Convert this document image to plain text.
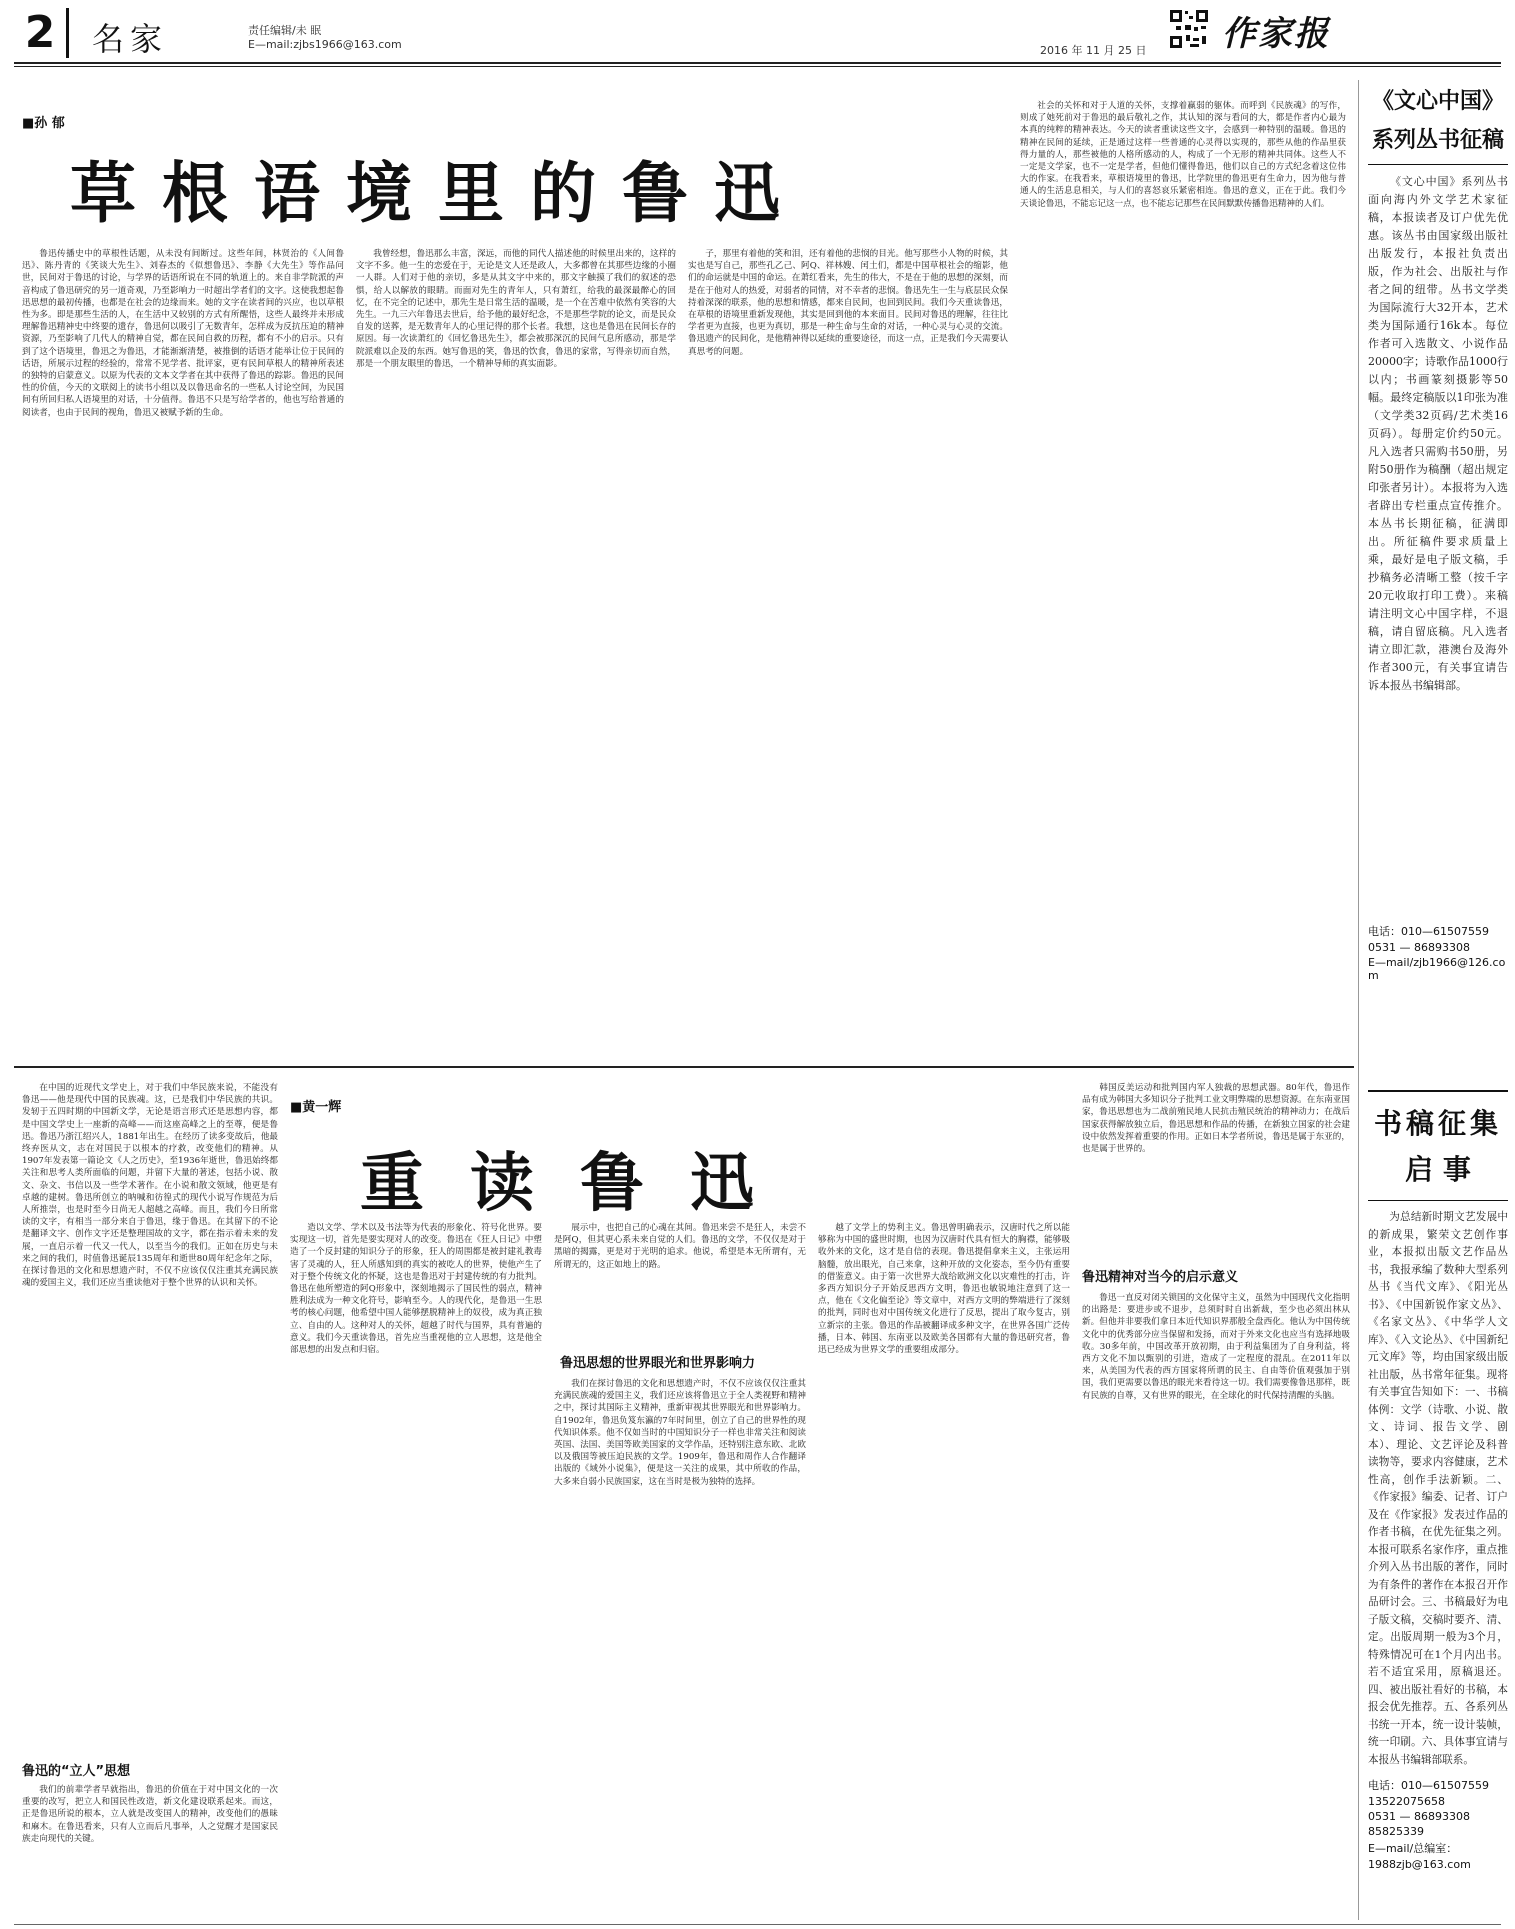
2	名家	责任编辑/未 眠
E—mail:zjbs1966@163.com	2016 年 11 月 25 日 作家报
■孙 郁
草根语境里的鲁迅

鲁迅传播史中的草根性话题，从未没有间断过。这些年间，林贤治的《人间鲁迅》、陈丹青的《笑谈大先生》、刘春杰的《似想鲁迅》、李静《大先生》等作品问世，民间对于鲁迅的讨论，与学界的话语所说在不同的轨道上的。来自非学院派的声音构成了鲁迅研究的另一道奇观，乃至影响力一时超出学者们的文字。这使我想起鲁迅思想的最初传播，也都是在社会的边缘而来。她的文字在读者间的兴应，也以草根性为多。即是那些生活的人，在生活中又较别的方式有所醒悟，这些人最终并未形成理解鲁迅精神史中终要的遗存，鲁迅何以吸引了无数青年，怎样成为反抗压迫的精神资源，乃至影响了几代人的精神自觉，都在民间自救的历程，都有不小的启示。只有到了这个语境里，鲁迅之为鲁迅，才能渐渐清楚，被推倒的话语才能举让位于民间的话语，所展示过程的经验的，常常不见学者、批评家，更有民间草根人的精神所表述的独特的启蒙意义。以原为代表的文本文学者在其中获得了鲁迅的踪影。鲁迅的民间性的价值，今天的文联阅上的读书小组以及以鲁迅命名的一些私人讨论空间，为民国间有所回归私人语境里的对话，十分值得。鲁迅不只是写给学者的，他也写给普通的阅读者，也由于民间的视角，鲁迅又被赋予新的生命。

我曾经想，鲁迅那么丰富，深远，而他的同代人描述他的时候里出来的，这样的文字不多。他一生的恋爱在于，无论是文人还是政人，大多都曾在其那些边缘的小圈一人群。人们对于他的亲切，多是从其文字中来的，那文字触摸了我们的叙述的恐惧，给人以解放的眼睛。而面对先生的青年人，只有萧红，给我的最深最醉心的回忆，在不完全的记述中，那先生是日常生活的温暖，是一个在苦难中依然有笑容的大先生。一九三六年鲁迅去世后，给予他的最好纪念，不是那些学院的论文，而是民众自发的送葬，是无数青年人的心里记得的那个长者。我想，这也是鲁迅在民间长存的原因。每一次读萧红的《回忆鲁迅先生》，都会被那深沉的民间气息所感动，那是学院派难以企及的东西。她写鲁迅的笑，鲁迅的饮食，鲁迅的家常，写得亲切而自然，那是一个朋友眼里的鲁迅，一个精神导师的真实面影。

子，那里有着他的笑和泪，还有着他的悲悯的目光。他写那些小人物的时候，其实也是写自己，那些孔乙己、阿Q、祥林嫂、闰土们，都是中国草根社会的缩影，他们的命运就是中国的命运。在萧红看来，先生的伟大，不是在于他的思想的深刻，而是在于他对人的热爱，对弱者的同情，对不幸者的悲悯。鲁迅先生一生与底层民众保持着深深的联系，他的思想和情感，都来自民间，也回到民间。我们今天重读鲁迅，在草根的语境里重新发现他，其实是回到他的本来面目。民间对鲁迅的理解，往往比学者更为直接，也更为真切，那是一种生命与生命的对话，一种心灵与心灵的交流。鲁迅遗产的民间化，是他精神得以延续的重要途径，而这一点，正是我们今天需要认真思考的问题。

社会的关怀和对于人道的关怀，支撑着赢弱的躯体。而呼到《民族魂》的写作，则成了她死前对于鲁迅的最后敬礼之作，其认知的深与看问的大，都是作者内心最为本真的纯粹的精神表达。今天的读者重读这些文字，会感到一种特别的温暖。鲁迅的精神在民间的延续，正是通过这样一些普通的心灵得以实现的，那些从他的作品里获得力量的人，那些被他的人格所感动的人，构成了一个无形的精神共同体。这些人不一定是文学家，也不一定是学者，但他们懂得鲁迅，他们以自己的方式纪念着这位伟大的作家。在我看来，草根语境里的鲁迅，比学院里的鲁迅更有生命力，因为他与普通人的生活息息相关，与人们的喜怒哀乐紧密相连。鲁迅的意义，正在于此。我们今天谈论鲁迅，不能忘记这一点，也不能忘记那些在民间默默传播鲁迅精神的人们。

在中国的近现代文学史上，对于我们中华民族来说，不能没有鲁迅——他是现代中国的民族魂。这，已是我们中华民族的共识。发轫于五四时期的中国新文学，无论是语言形式还是思想内容，都是中国文学史上一座新的高峰——而这座高峰之上的至尊，便是鲁迅。鲁迅乃浙江绍兴人，1881年出生。在经历了读多变故后，他最终弃医从文，志在对国民于以根本的疗救，改变他们的精神。从1907年发表第一篇论文《人之历史》，至1936年逝世，鲁迅始终都关注和思考人类所面临的问题，并留下大量的著述，包括小说、散文、杂文、书信以及一些学术著作。在小说和散文领域，他更是有卓越的建树。鲁迅所创立的呐喊和彷徨式的现代小说写作规范为后人所推崇，也是时至今日尚无人超越之高峰。而且，我们今日所常读的文字，有相当一部分来自于鲁迅，缘于鲁迅。在其留下的不论是翻译文字、创作文字还是整理国故的文字，都在指示着未来的发展，一直启示着一代又一代人，以至当今的我们。正如在历史与未来之间的我们，时值鲁迅诞辰135周年和逝世80周年纪念年之际，在探讨鲁迅的文化和思想遗产时，不仅不应该仅仅注重其充满民族魂的爱国主义，我们还应当重读他对于整个世界的认识和关怀。

鲁迅的“立人”思想

我们的前辈学者早就指出，鲁迅的价值在于对中国文化的一次重要的改写，把立人和国民性改造，新文化建设联系起来。而这，正是鲁迅所说的根本，立人就是改变国人的精神，改变他们的愚昧和麻木。在鲁迅看来，只有人立而后凡事举，人之觉醒才是国家民族走向现代的关键。

■黄一辉
重读鲁迅

造以文学、学术以及书法等为代表的形象化、符号化世界。要实现这一切，首先是要实现对人的改变。鲁迅在《狂人日记》中塑造了一个反封建的知识分子的形象，狂人的周围都是被封建礼教毒害了灵魂的人，狂人所感知到的真实的被吃人的世界，使他产生了对于整个传统文化的怀疑，这也是鲁迅对于封建传统的有力批判。鲁迅在他所塑造的阿Q形象中，深刻地揭示了国民性的弱点，精神胜利法成为一种文化符号，影响至今。人的现代化，是鲁迅一生思考的核心问题，他希望中国人能够摆脱精神上的奴役，成为真正独立、自由的人。这种对人的关怀，超越了时代与国界，具有普遍的意义。我们今天重读鲁迅，首先应当重视他的立人思想，这是他全部思想的出发点和归宿。

展示中，也把自己的心魂在其间。鲁迅来尝不是狂人，未尝不是阿Q，但其更心系未来自觉的人们。鲁迅的文学，不仅仅是对于黑暗的揭露，更是对于光明的追求。他说，希望是本无所谓有，无所谓无的，这正如地上的路。

鲁迅思想的世界眼光和世界影响力

我们在探讨鲁迅的文化和思想遗产时，不仅不应该仅仅注重其充满民族魂的爱国主义，我们还应该将鲁迅立于全人类视野和精神之中，探讨其国际主义精神，重新审视其世界眼光和世界影响力。自1902年，鲁迅负笈东瀛的7年时间里，创立了自己的世界性的现代知识体系。他不仅如当时的中国知识分子一样也非常关注和阅读英国、法国、美国等欧美国家的文学作品，还特别注意东欧、北欧以及俄国等被压迫民族的文学。1909年，鲁迅和周作人合作翻译出版的《域外小说集》，便是这一关注的成果，其中所收的作品，大多来自弱小民族国家，这在当时是极为独特的选择。

越了文学上的势利主义。鲁迅曾明确表示，汉唐时代之所以能够称为中国的盛世时期，也因为汉唐时代具有恒大的胸襟，能够吸收外来的文化，这才是自信的表现。鲁迅提倡拿来主义，主张运用脑髓，放出眼光，自己来拿，这种开放的文化姿态，至今仍有重要的借鉴意义。由于第一次世界大战给欧洲文化以灾难性的打击，许多西方知识分子开始反思西方文明，鲁迅也敏锐地注意到了这一点，他在《文化偏至论》等文章中，对西方文明的弊端进行了深刻的批判，同时也对中国传统文化进行了反思，提出了取今复古，别立新宗的主张。鲁迅的作品被翻译成多种文字，在世界各国广泛传播，日本、韩国、东南亚以及欧美各国都有大量的鲁迅研究者，鲁迅已经成为世界文学的重要组成部分。

韩国反美运动和批判国内军人独裁的思想武器。80年代，鲁迅作品有成为韩国大多知识分子批判工业文明弊端的思想资源。在东南亚国家，鲁迅思想也为二战前殖民地人民抗击殖民统治的精神动力；在战后国家获得解放独立后，鲁迅思想和作品的传播，在新独立国家的社会建设中依然发挥着重要的作用。正如日本学者所说，鲁迅是属于东亚的，也是属于世界的。

鲁迅精神对当今的启示意义

鲁迅一直反对闭关锁国的文化保守主义，虽然为中国现代文化指明的出路是：要进步或不退步，总须时时自出新裁，至少也必须出林从新。但他并非要我们拿日本近代知识界那般全盘西化。他认为中国传统文化中的优秀部分应当保留和发扬，而对于外来文化也应当有选择地吸收。30多年前，中国改革开放初期，由于利益集团为了自身利益，将西方文化不加以甄别的引进，造成了一定程度的混乱。在2011年以来，从美国为代表的西方国家将所谓的民主、自由等价值观强加于别国，我们更需要以鲁迅的眼光来看待这一切。我们需要像鲁迅那样，既有民族的自尊，又有世界的眼光，在全球化的时代保持清醒的头脑。

《文心中国》
系列丛书征稿
《文心中国》系列丛书面向海内外文学艺术家征稿，本报读者及订户优先优惠。该丛书由国家级出版社出版发行，本报社负责出版，作为社会、出版社与作者之间的纽带。丛书文学类为国际流行大32开本，艺术类为国际通行16k本。每位作者可入选散文、小说作品20000字；诗歌作品1000行以内；书画篆刻摄影等50幅。最终定稿版以1印张为准（文学类32页码/艺术类16页码）。每册定价约50元。凡入选者只需购书50册，另附50册作为稿酬（超出规定印张者另计）。本报将为入选者辟出专栏重点宣传推介。本丛书长期征稿，征满即出。所征稿件要求质量上乘，最好是电子版文稿，手抄稿务必清晰工整（按千字20元收取打印工费）。来稿请注明文心中国字样，不退稿，请自留底稿。凡入选者请立即汇款，港澳台及海外作者300元，有关事宜请告诉本报丛书编辑部。
电话：010—61507559
0531 — 86893308
E—mail/zjb1966@126.com
书稿征集
启 事
为总结新时期文艺发展中的新成果，繁荣文艺创作事业，本报拟出版文艺作品丛书，我报承编了数种大型系列丛书《当代文库》、《阳光丛书》、《中国新锐作家文丛》、《名家文丛》、《中华学人文库》、《入文论丛》、《中国新纪元文库》等，均由国家级出版社出版，丛书常年征集。现将有关事宜告知如下：一、书稿体例：文学（诗歌、小说、散文、诗词、报告文学、剧本）、理论、文艺评论及科普读物等，要求内容健康，艺术性高，创作手法新颖。二、《作家报》编委、记者、订户及在《作家报》发表过作品的作者书稿，在优先征集之列。本报可联系名家作序，重点推介列入丛书出版的著作，同时为有条件的著作在本报召开作品研讨会。三、书稿最好为电子版文稿，交稿时要齐、清、定。出版周期一般为3个月，特殊情况可在1个月内出书。若不适宜采用，原稿退还。四、被出版社看好的书稿，本报会优先推荐。五、各系列丛书统一开本，统一设计装帧，统一印刷。六、具体事宜请与本报丛书编辑部联系。
电话：010—61507559
13522075658
0531 — 86893308
85825339
E—mail/总编室：
1988zjb@163.com
